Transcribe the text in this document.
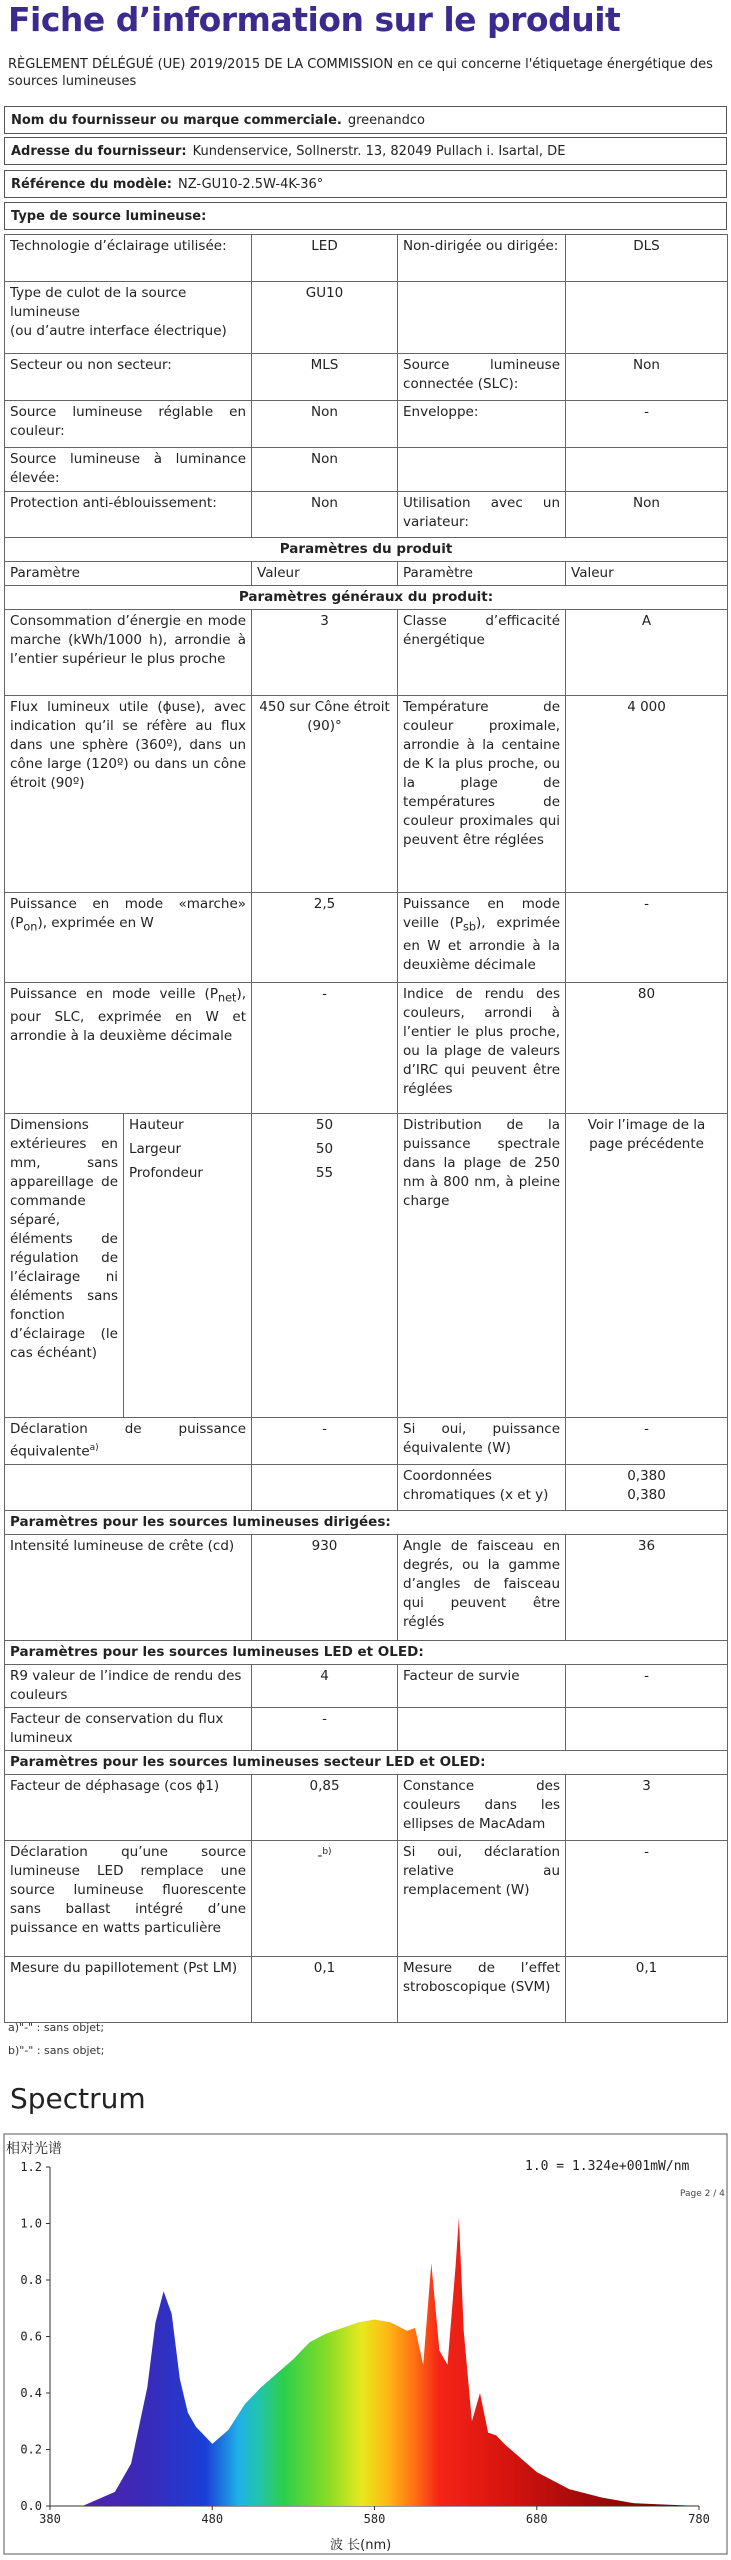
Fiche d’information sur le produit
RÈGLEMENT DÉLÉGUÉ (UE) 2019/2015 DE LA COMMISSION en ce qui concerne l'étiquetage énergétique des sources lumineuses
Nom du fournisseur ou marque commerciale. greenandco
Adresse du fournisseur: Kundenservice, Sollnerstr. 13, 82049 Pullach i. Isartal, DE
Référence du modèle: NZ-GU10-2.5W-4K-36°
Type de source lumineuse:
Technologie d’éclairage utilisée:		LED	Non-dirigée ou dirigée:	DLS
Type de culot de la source lumineuse
(ou d’autre interface électrique)		GU10		
Secteur ou non secteur:		MLS	Source lumineuse connectée (SLC):	Non
Source lumineuse réglable en couleur:		Non	Enveloppe:	-
Source lumineuse à luminance élevée:		Non		
Protection anti-éblouissement:		Non	Utilisation avec un variateur:	Non
Paramètres du produit				
Paramètre		Valeur	Paramètre	Valeur
Paramètres généraux du produit:				
Consommation d’énergie en mode marche (kWh/1000 h), arrondie à l’entier supérieur le plus proche		3	Classe d’efficacité énergétique	A
Flux lumineux utile (ϕuse), avec indication qu’il se réfère au flux dans une sphère (360º), dans un cône large (120º) ou dans un cône étroit (90º)		450 sur Cône étroit (90)°	Température de couleur proximale, arrondie à la centaine de K la plus proche, ou la plage de températures de couleur proximales qui peuvent être réglées	4 000
Puissance en mode «marche» $(P_{on})$, exprimée en W		2,5	Puissance en mode veille $(P_{sb})$, exprimée en W et arrondie à la deuxième décimale	-
Puissance en mode veille $(P_{net})$, pour SLC, exprimée en W et arrondie à la deuxième décimale		-	Indice de rendu des couleurs, arrondi à l’entier le plus proche, ou la plage de valeurs d’IRC qui peuvent être réglées	80
Dimensions extérieures en mm, sans appareillage de commande séparé, éléments de régulation de l’éclairage ni éléments sans fonction d’éclairage (le cas échéant)	Hauteur	50	Distribution de la puissance spectrale dans la plage de 250 nm à 800 nm, à pleine charge	Voir l’image de la page précédente
	Largeur	50		
	Profondeur	55		
Déclaration de puissance équivalente$^{a)}$		-	Si oui, puissance équivalente (W)	-
			Coordonnées chromatiques (x et y)	0,380
0,380
Paramètres pour les sources lumineuses dirigées:				
Intensité lumineuse de crête (cd)		930	Angle de faisceau en degrés, ou la gamme d’angles de faisceau qui peuvent être réglés	36
Paramètres pour les sources lumineuses LED et OLED:				
R9 valeur de l’indice de rendu des couleurs		4	Facteur de survie	-
Facteur de conservation du flux lumineux		-		
Paramètres pour les sources lumineuses secteur LED et OLED:				
Facteur de déphasage (cos ϕ1)		0,85	Constance des couleurs dans les ellipses de MacAdam	3
Déclaration qu’une source lumineuse LED remplace une source lumineuse fluorescente sans ballast intégré d’une puissance en watts particulière		-$^{b)}$	Si oui, déclaration relative au remplacement (W)	-
Mesure du papillotement (Pst LM)		0,1	Mesure de l’effet stroboscopique (SVM)	0,1
a)"-" : sans objet;
b)"-" : sans objet;
Spectrum
相对光谱
1.0 = 1.324e+001mW/nm
Page 2 / 4
0.0
0.2
0.4
0.6
0.8
1.0
1.2
380	480	580	680	780
波 长(nm)
